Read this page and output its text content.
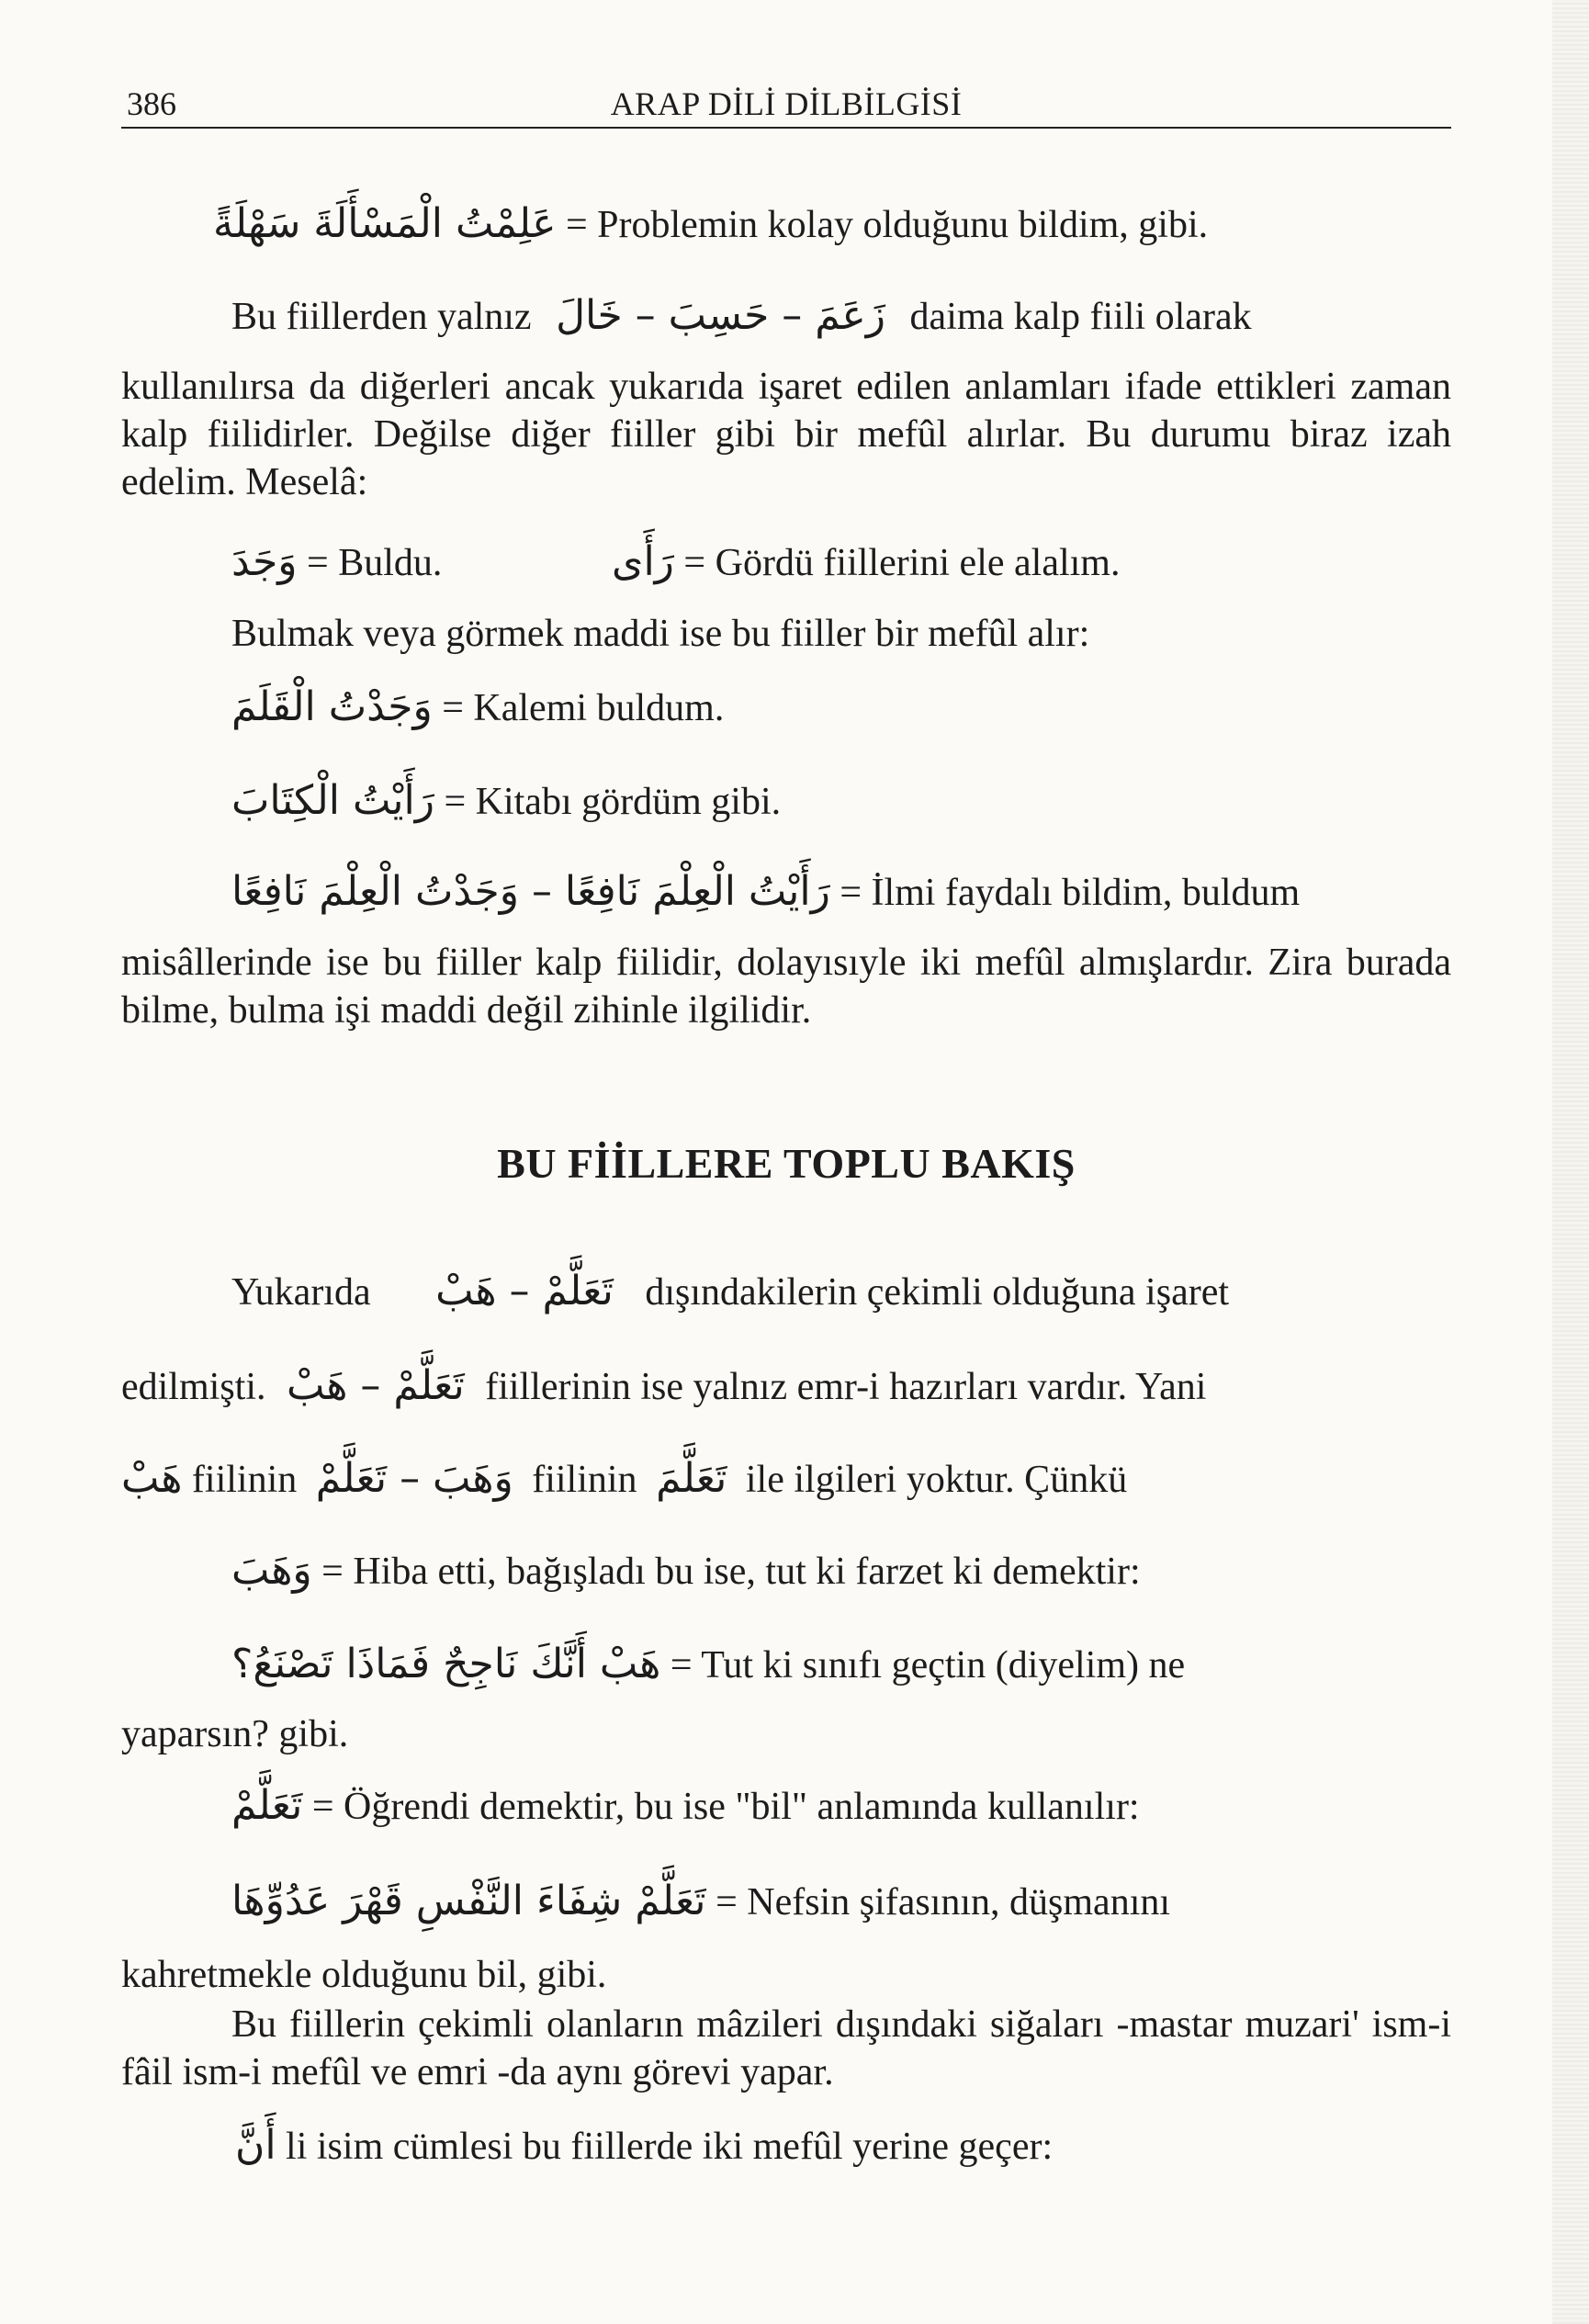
386	ARAP DİLİ DİLBİLGİSİ
عَلِمْتُ الْمَسْأَلَةَ سَهْلَةً = Problemin kolay olduğunu bildim, gibi.
Bu fiillerden yalnız زَعَمَ – حَسِبَ – خَالَ daima kalp fiili olarak
kullanılırsa da diğerleri ancak yukarıda işaret edilen anlamları ifade ettikleri zaman kalp fiilidirler. Değilse diğer fiiller gibi bir mefûl alırlar. Bu durumu biraz izah edelim. Meselâ:
وَجَدَ = Buldu.	رَأَى = Gördü fiillerini ele alalım.
Bulmak veya görmek maddi ise bu fiiller bir mefûl alır:
وَجَدْتُ الْقَلَمَ = Kalemi buldum.
رَأَيْتُ الْكِتَابَ = Kitabı gördüm gibi.
رَأَيْتُ الْعِلْمَ نَافِعًا – وَجَدْتُ الْعِلْمَ نَافِعًا = İlmi faydalı bildim, buldum
misâllerinde ise bu fiiller kalp fiilidir, dolayısıyle iki mefûl almışlardır. Zira burada bilme, bulma işi maddi değil zihinle ilgilidir.
BU FİİLLERE TOPLU BAKIŞ
Yukarıda تَعَلَّمْ – هَبْ dışındakilerin çekimli olduğuna işaret
edilmişti. تَعَلَّمْ – هَبْ fiillerinin ise yalnız emr-i hazırları vardır. Yani
هَبْ fiilinin وَهَبَ – تَعَلَّمْ fiilinin تَعَلَّمَ ile ilgileri yoktur. Çünkü
وَهَبَ = Hiba etti, bağışladı bu ise, tut ki farzet ki demektir:
هَبْ أَنَّكَ نَاجِحٌ فَمَاذَا تَصْنَعُ؟ = Tut ki sınıfı geçtin (diyelim) ne
yaparsın? gibi.
تَعَلَّمْ = Öğrendi demektir, bu ise "bil" anlamında kullanılır:
تَعَلَّمْ شِفَاءَ النَّفْسِ قَهْرَ عَدُوِّهَا = Nefsin şifasının, düşmanını
kahretmekle olduğunu bil, gibi.
Bu fiillerin çekimli olanların mâzileri dışındaki siğaları -mastar muzari' ism-i fâil ism-i mefûl ve emri -da aynı görevi yapar.
أَنَّ li isim cümlesi bu fiillerde iki mefûl yerine geçer:
